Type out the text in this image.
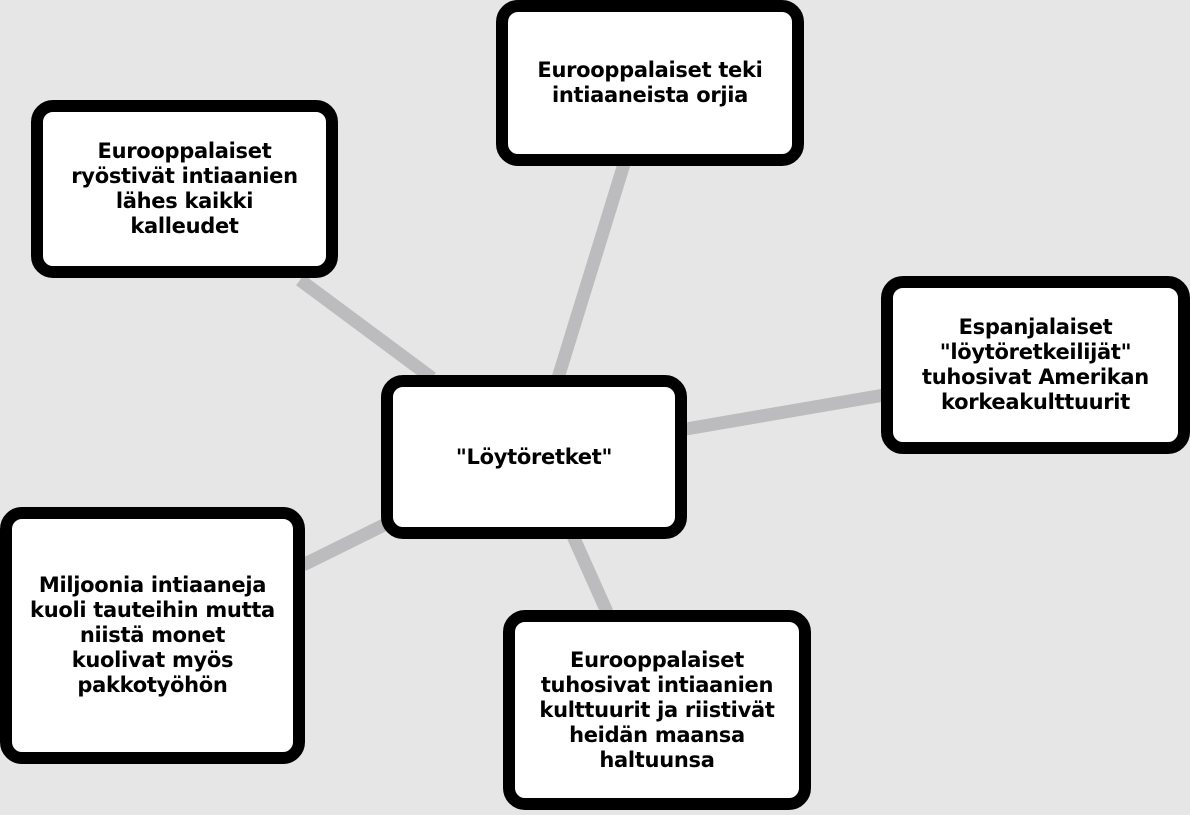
"Löytöretket"
Eurooppalaiset teki
intiaaneista orjia
Eurooppalaiset
ryöstivät intiaanien
lähes kaikki
kalleudet
Espanjalaiset
"löytöretkeilijät"
tuhosivat Amerikan
korkeakulttuurit
Miljoonia intiaaneja
kuoli tauteihin mutta
niistä monet
kuolivat myös
pakkotyöhön
Eurooppalaiset
tuhosivat intiaanien
kulttuurit ja riistivät
heidän maansa
haltuunsa
